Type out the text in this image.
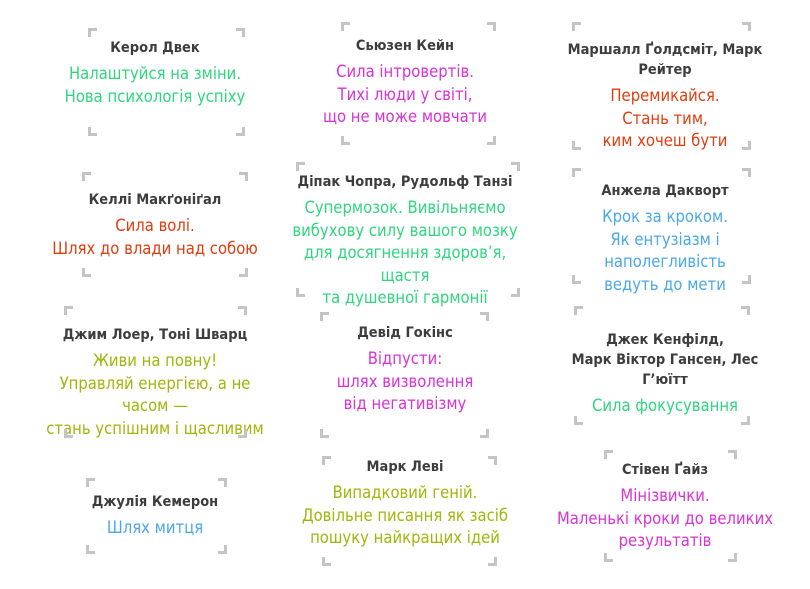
Керол Двек
Налаштуйся на зміни.
Нова психологія успіху
Сьюзен Кейн
Сила інтровертів.
Тихі люди у світі,
що не може мовчати
Маршалл Ґолдсміт, Марк Рейтер
Перемикайся.
Стань тим,
ким хочеш бути
Келлі Макґоніґал
Сила волі.
Шлях до влади над собою
Діпак Чопра, Рудольф Танзі
Супермозок. Вивільняємо
вибухову силу вашого мозку
для досягнення здоров’я, щастя
та душевної гармонії
Анжела Дакворт
Крок за кроком.
Як ентузіазм і наполегливість
ведуть до мети
Джим Лоер, Тоні Шварц
Живи на повну!
Управляй енергією, а не часом —
стань успішним і щасливим
Девід Гокінс
Відпусти:
шлях визволення
від негативізму
Джек Кенфілд,
Марк Віктор Гансен, Лес Г’юїтт
Сила фокусування
Джулія Кемерон
Шлях митця
Марк Леві
Випадковий геній.
Довільне писання як засіб
пошуку найкращих ідей
Стівен Ґайз
Мінізвички.
Маленькі кроки до великих
результатів
